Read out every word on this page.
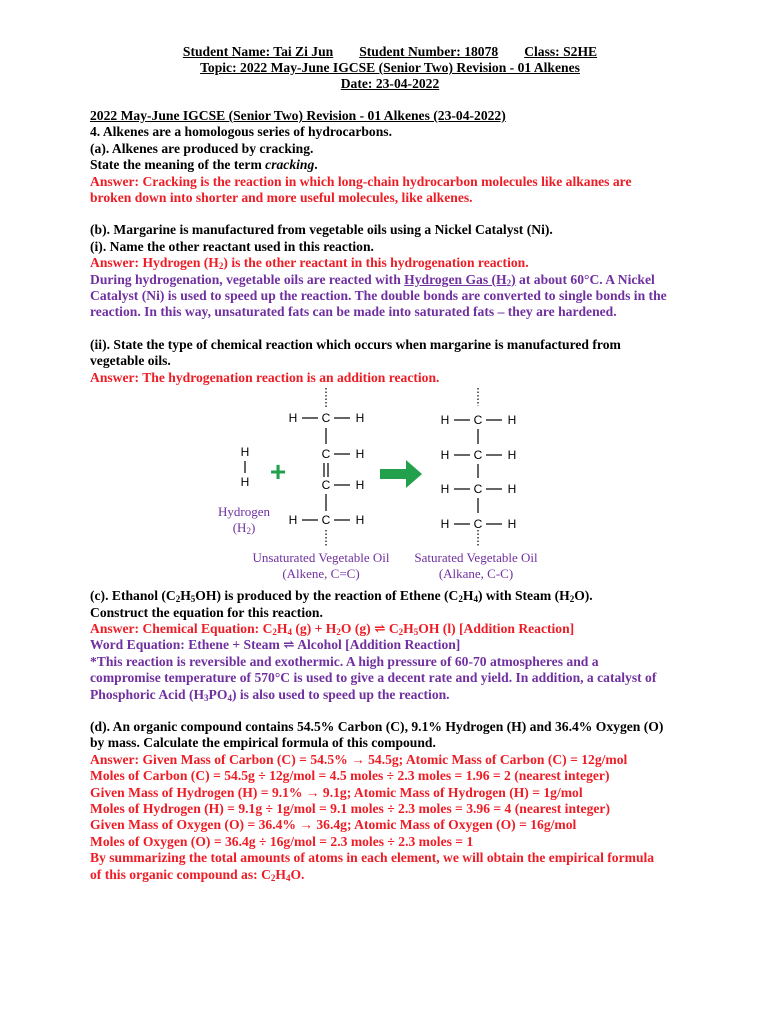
Student Name: Tai Zi Jun Student Number: 18078 Class: S2HE
Topic: 2022 May-June IGCSE (Senior Two) Revision - 01 Alkenes
Date: 23-04-2022
2022 May-June IGCSE (Senior Two) Revision - 01 Alkenes (23-04-2022)
4. Alkenes are a homologous series of hydrocarbons.
(a). Alkenes are produced by cracking.
State the meaning of the term cracking.
Answer: Cracking is the reaction in which long-chain hydrocarbon molecules like alkanes are
broken down into shorter and more useful molecules, like alkenes.
(b). Margarine is manufactured from vegetable oils using a Nickel Catalyst (Ni).
(i). Name the other reactant used in this reaction.
Answer: Hydrogen $(H_2)$ is the other reactant in this hydrogenation reaction.
During hydrogenation, vegetable oils are reacted with Hydrogen Gas $(H_2)$ at about 60°C. A Nickel
Catalyst (Ni) is used to speed up the reaction. The double bonds are converted to single bonds in the
reaction. In this way, unsaturated fats can be made into saturated fats – they are hardened.
(ii). State the type of chemical reaction which occurs when margarine is manufactured from
vegetable oils.
Answer: The hydrogenation reaction is an addition reaction.
H
H +
H C H
C H
C H
H C H
H C H
H C H
H C H
H C H
Hydrogen
$(H_2)$
Unsaturated Vegetable Oil
(Alkene, C=C)
Saturated Vegetable Oil
(Alkane, C-C)
(c). Ethanol $(C_2H_5OH)$ is produced by the reaction of Ethene $(C_2H_4)$ with Steam $(H_2O)$.
Construct the equation for this reaction.
Answer: Chemical Equation: $C_2H_4$ $(g) + H_2O$ (g) ⇌ $C_2H_5OH$ (l) [Addition Reaction]
Word Equation: Ethene + Steam ⇌ Alcohol [Addition Reaction]
*This reaction is reversible and exothermic. A high pressure of 60-70 atmospheres and a
compromise temperature of 570°C is used to give a decent rate and yield. In addition, a catalyst of
Phosphoric Acid $(H_3PO_4)$ is also used to speed up the reaction.
(d). An organic compound contains 54.5% Carbon (C), 9.1% Hydrogen (H) and 36.4% Oxygen (O)
by mass. Calculate the empirical formula of this compound.
Answer: Given Mass of Carbon (C) = 54.5% → 54.5g; Atomic Mass of Carbon (C) = 12g/mol
Moles of Carbon (C) = 54.5g ÷ 12g/mol = 4.5 moles ÷ 2.3 moles = 1.96 = 2 (nearest integer)
Given Mass of Hydrogen (H) = 9.1% → 9.1g; Atomic Mass of Hydrogen (H) = 1g/mol
Moles of Hydrogen (H) = 9.1g ÷ 1g/mol = 9.1 moles ÷ 2.3 moles = 3.96 = 4 (nearest integer)
Given Mass of Oxygen (O) = 36.4% → 36.4g; Atomic Mass of Oxygen (O) = 16g/mol
Moles of Oxygen (O) = 36.4g ÷ 16g/mol = 2.3 moles ÷ 2.3 moles = 1
By summarizing the total amounts of atoms in each element, we will obtain the empirical formula
of this organic compound as: $C_2H_4O$.
